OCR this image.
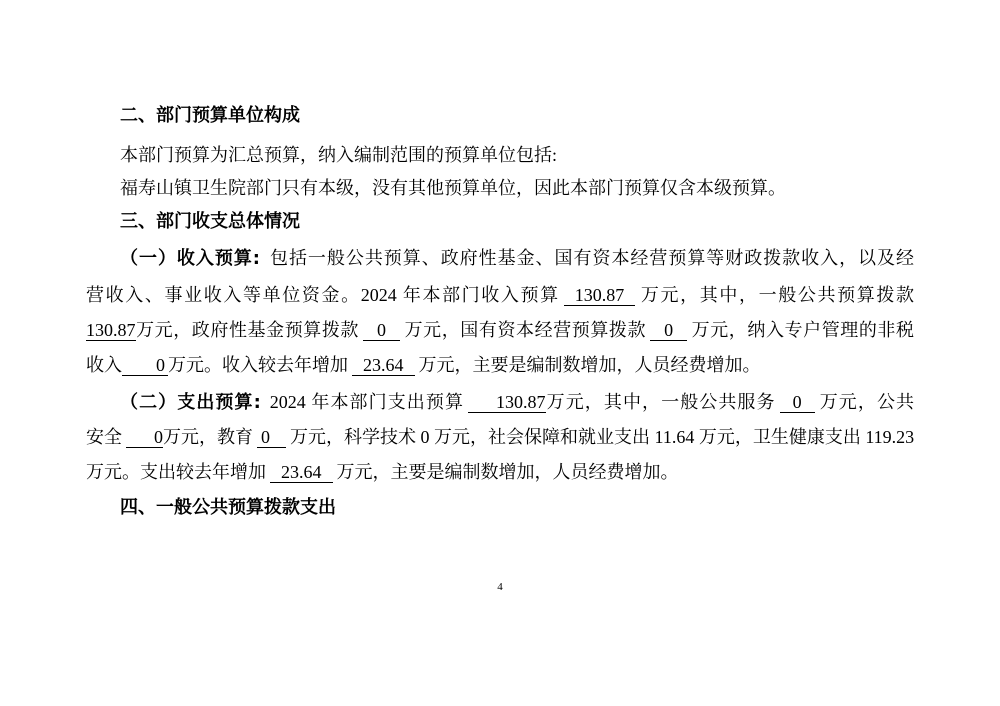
二、部门预算单位构成
本部门预算为汇总预算，纳入编制范围的预算单位包括:
福寿山镇卫生院部门只有本级，没有其他预算单位，因此本部门预算仅含本级预算。
三、部门收支总体情况
（一）收入预算: 包括一般公共预算、政府性基金、国有资本经营预算等财政拨款收入，以及经
营收入、事业收入等单位资金。2024 年本部门收入预算 130.87 万元，其中，一般公共预算拨款
130.87万元，政府性基金预算拨款 0 万元，国有资本经营预算拨款 0 万元，纳入专户管理的非税
收入 0 万元。收入较去年增加 23.64 万元，主要是编制数增加，人员经费增加。
（二）支出预算: 2024 年本部门支出预算 130.87万元，其中，一般公共服务 0 万元，公共
安全 0万元，教育 0 万元，科学技术 0 万元，社会保障和就业支出 11.64 万元，卫生健康支出 119.23
万元。支出较去年增加 23.64 万元，主要是编制数增加，人员经费增加。
四、一般公共预算拨款支出
4
